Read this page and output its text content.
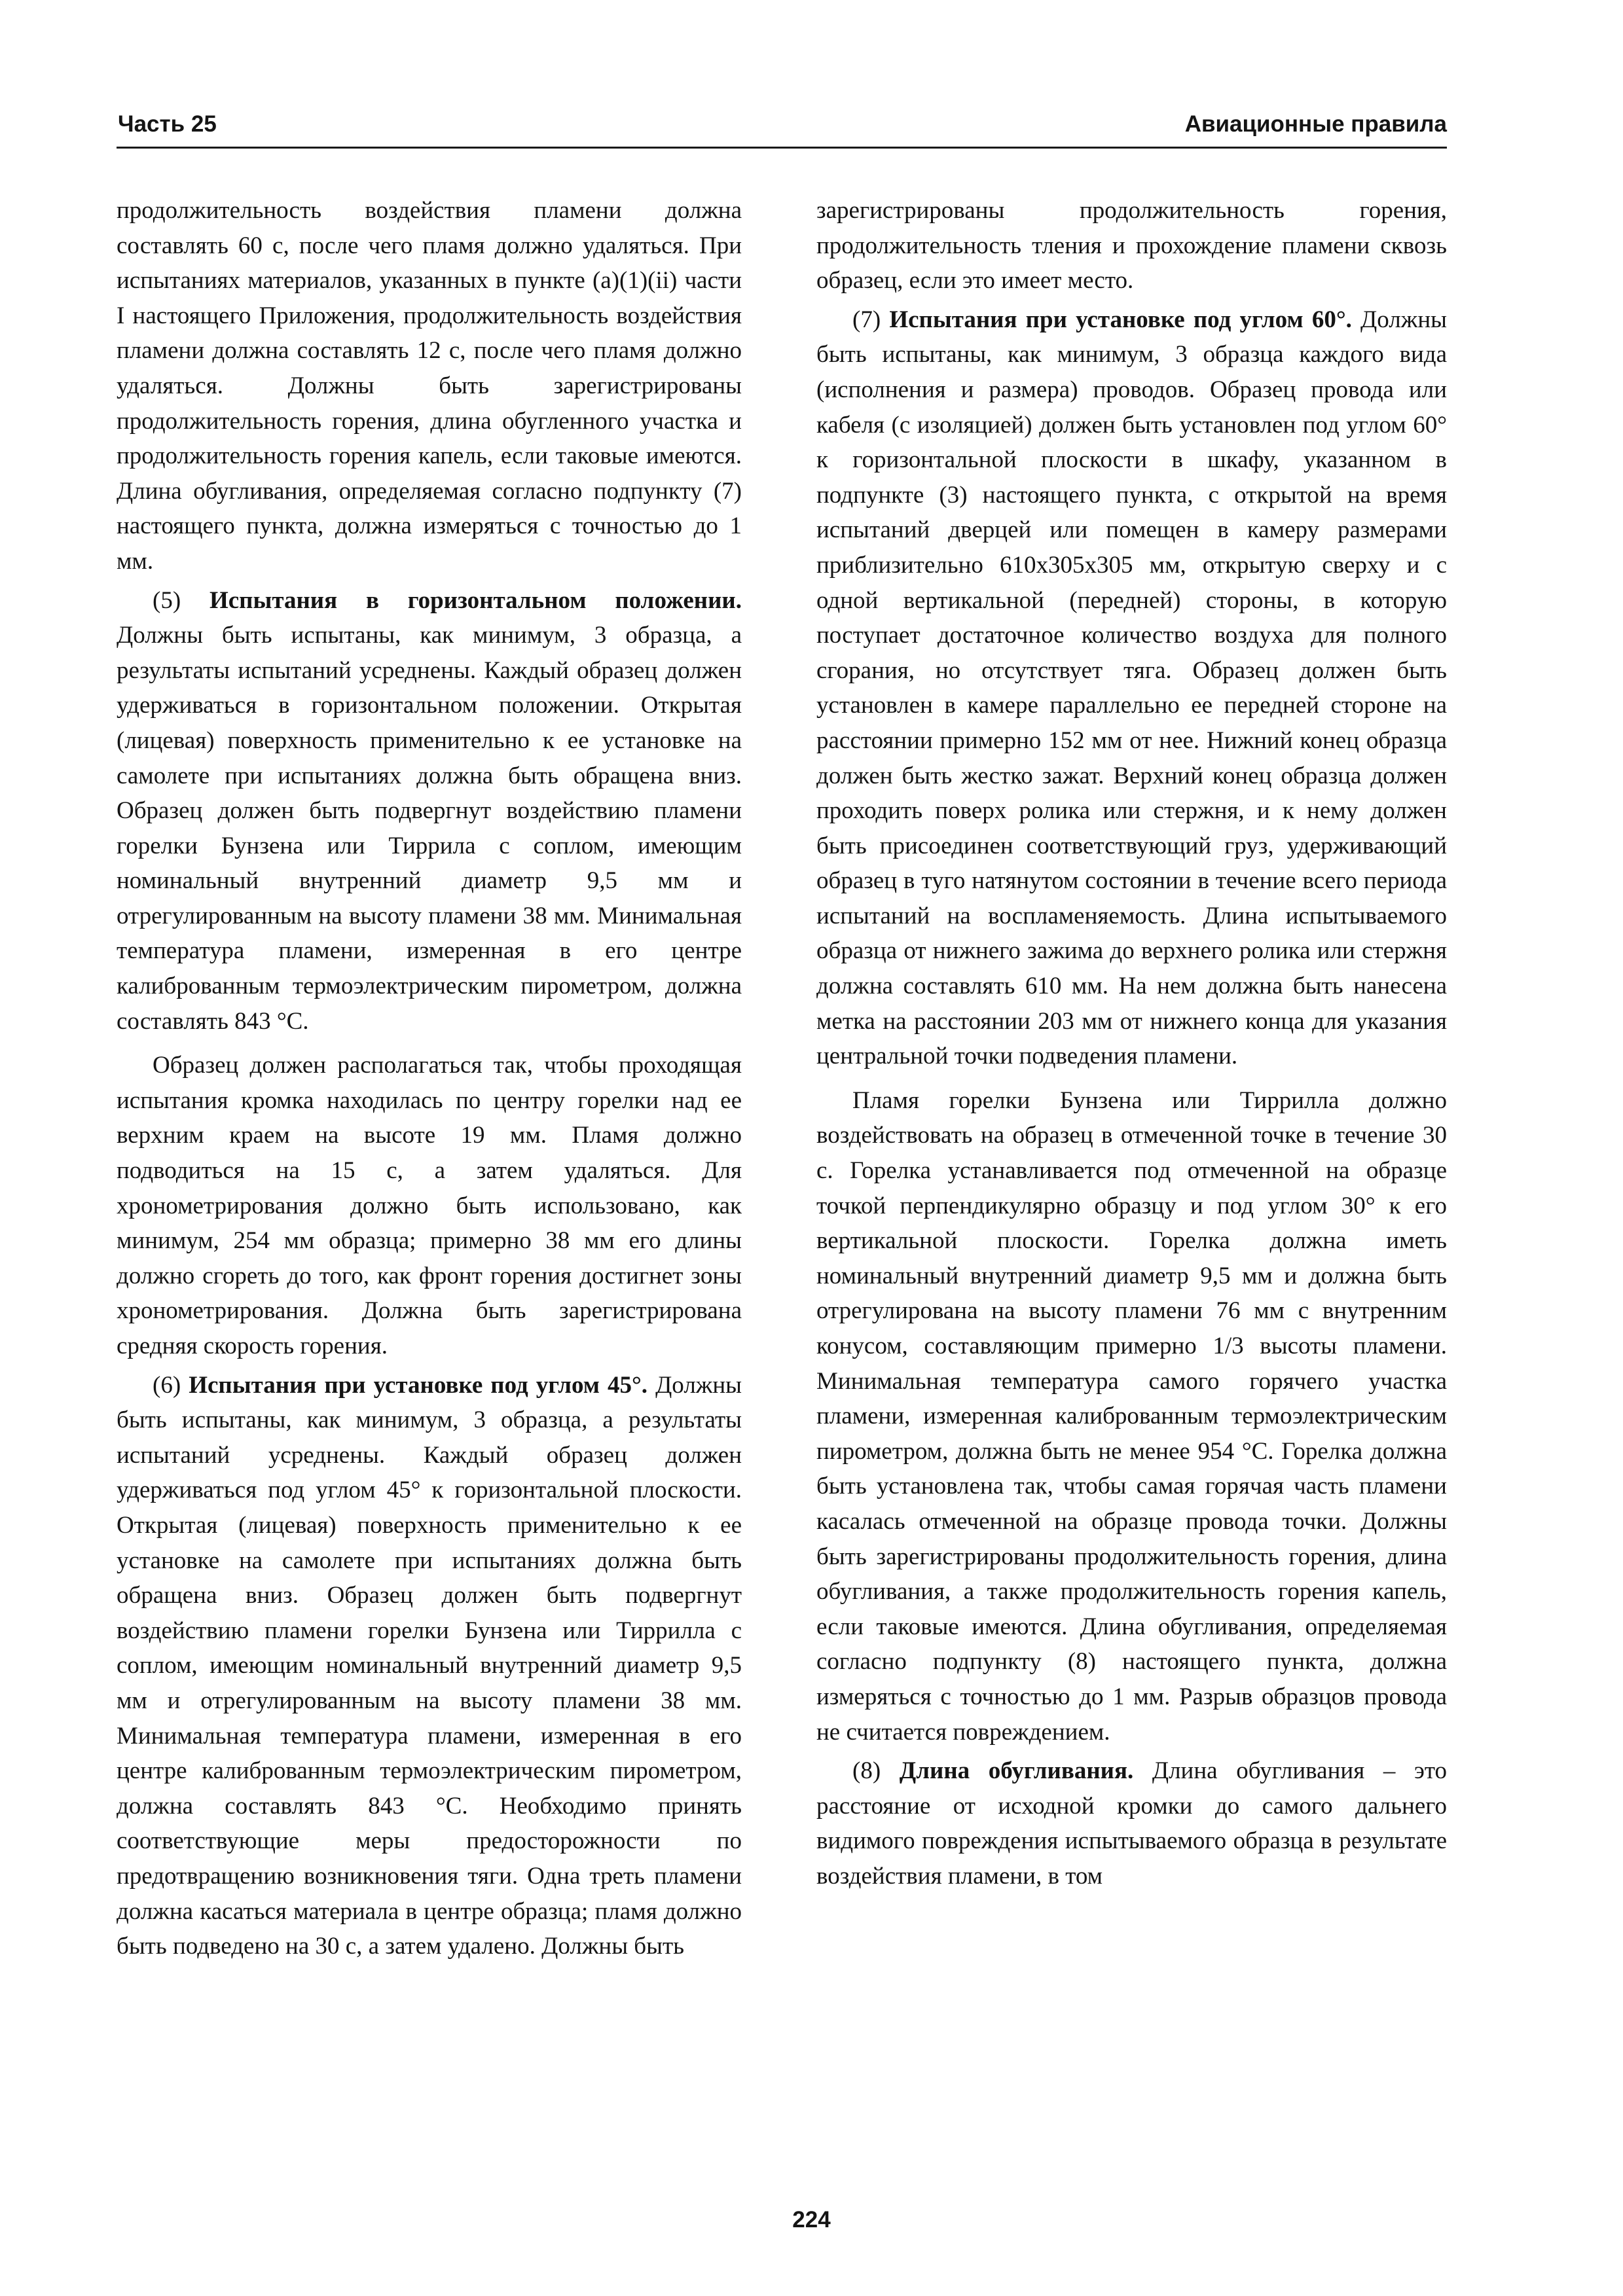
Часть 25	Авиационные правила

продолжительность воздействия пламени должна составлять 60 с, после чего пламя должно удаляться. При испытаниях материалов, указанных в пункте (a)(1)(ii) части I настоящего Приложения, продолжительность воздействия пламени должна составлять 12 с, после чего пламя должно удаляться. Должны быть зарегистрированы продолжительность горения, длина обугленного участка и продолжительность горения капель, если таковые имеются. Длина обугливания, определяемая согласно подпункту (7) настоящего пункта, должна измеряться с точностью до 1 мм.

(5) Испытания в горизонтальном положении. Должны быть испытаны, как минимум, 3 образца, а результаты испытаний усреднены. Каждый образец должен удерживаться в горизонтальном положении. Открытая (лицевая) поверхность применительно к ее установке на самолете при испытаниях должна быть обращена вниз. Образец должен быть подвергнут воздействию пламени горелки Бунзена или Тиррила с соплом, имеющим номинальный внутренний диаметр 9,5 мм и отрегулированным на высоту пламени 38 мм. Минимальная температура пламени, измеренная в его центре калиброванным термоэлектрическим пирометром, должна составлять 843 °С.

Образец должен располагаться так, чтобы проходящая испытания кромка находилась по центру горелки над ее верхним краем на высоте 19 мм. Пламя должно подводиться на 15 с, а затем удаляться. Для хронометрирования должно быть использовано, как минимум, 254 мм образца; примерно 38 мм его длины должно сгореть до того, как фронт горения достигнет зоны хронометрирования. Должна быть зарегистрирована средняя скорость горения.

(6) Испытания при установке под углом 45°. Должны быть испытаны, как минимум, 3 образца, а результаты испытаний усреднены. Каждый образец должен удерживаться под углом 45° к горизонтальной плоскости. Открытая (лицевая) поверхность применительно к ее установке на самолете при испытаниях должна быть обращена вниз. Образец должен быть подвергнут воздействию пламени горелки Бунзена или Тиррилла с соплом, имеющим номинальный внутренний диаметр 9,5 мм и отрегулированным на высоту пламени 38 мм. Минимальная температура пламени, измеренная в его центре калиброванным термоэлектрическим пирометром, должна составлять 843 °С. Необходимо принять соответствующие меры предосторожности по предотвращению возникновения тяги. Одна треть пламени должна касаться материала в центре образца; пламя должно быть подведено на 30 с, а затем удалено. Должны быть

зарегистрированы продолжительность горения, продолжительность тления и прохождение пламени сквозь образец, если это имеет место.

(7) Испытания при установке под углом 60°. Должны быть испытаны, как минимум, 3 образца каждого вида (исполнения и размера) проводов. Образец провода или кабеля (с изоляцией) должен быть установлен под углом 60° к горизонтальной плоскости в шкафу, указанном в подпункте (3) настоящего пункта, с открытой на время испытаний дверцей или помещен в камеру размерами приблизительно 610x305x305 мм, открытую сверху и с одной вертикальной (передней) стороны, в которую поступает достаточное количество воздуха для полного сгорания, но отсутствует тяга. Образец должен быть установлен в камере параллельно ее передней стороне на расстоянии примерно 152 мм от нее. Нижний конец образца должен быть жестко зажат. Верхний конец образца должен проходить поверх ролика или стержня, и к нему должен быть присоединен соответствующий груз, удерживающий образец в туго натянутом состоянии в течение всего периода испытаний на воспламеняемость. Длина испытываемого образца от нижнего зажима до верхнего ролика или стержня должна составлять 610 мм. На нем должна быть нанесена метка на расстоянии 203 мм от нижнего конца для указания центральной точки подведения пламени.

Пламя горелки Бунзена или Тиррилла должно воздействовать на образец в отмеченной точке в течение 30 с. Горелка устанавливается под отмеченной на образце точкой перпендикулярно образцу и под углом 30° к его вертикальной плоскости. Горелка должна иметь номинальный внутренний диаметр 9,5 мм и должна быть отрегулирована на высоту пламени 76 мм с внутренним конусом, составляющим примерно 1/3 высоты пламени. Минимальная температура самого горячего участка пламени, измеренная калиброванным термоэлектрическим пирометром, должна быть не менее 954 °С. Горелка должна быть установлена так, чтобы самая горячая часть пламени касалась отмеченной на образце провода точки. Должны быть зарегистрированы продолжительность горения, длина обугливания, а также продолжительность горения капель, если таковые имеются. Длина обугливания, определяемая согласно подпункту (8) настоящего пункта, должна измеряться с точностью до 1 мм. Разрыв образцов провода не считается повреждением.

(8) Длина обугливания. Длина обугливания – это расстояние от исходной кромки до самого дальнего видимого повреждения испытываемого образца в результате воздействия пламени, в том

224
